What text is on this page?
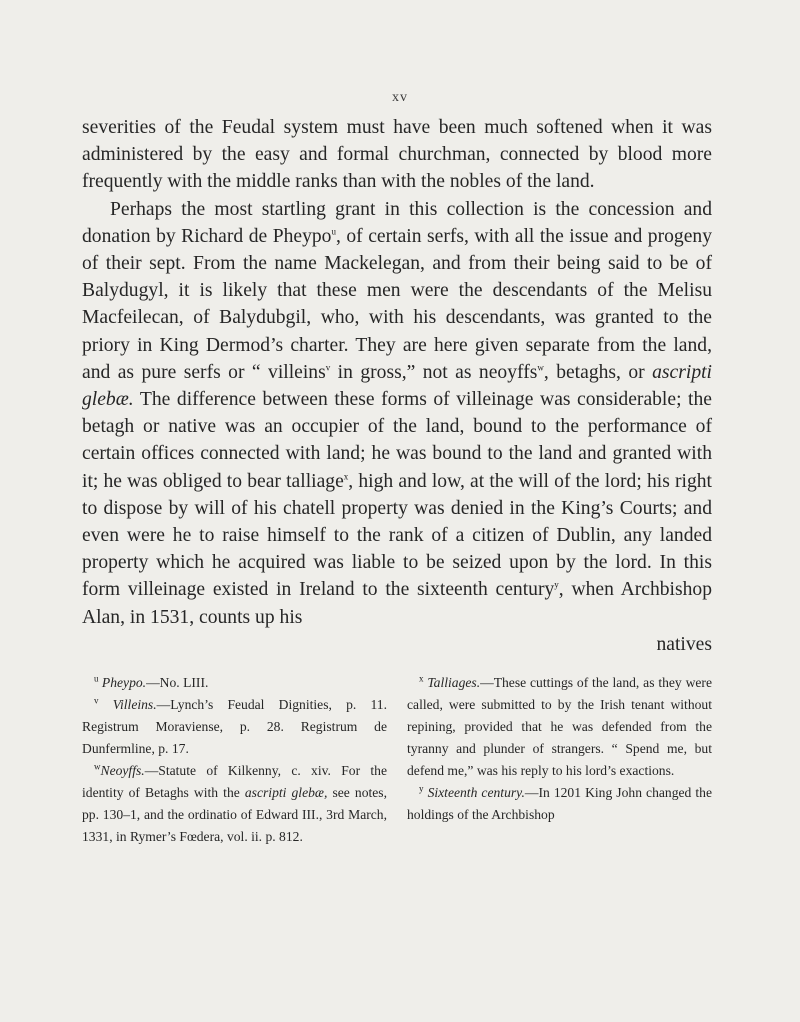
xv

severities of the Feudal system must have been much softened when it was administered by the easy and formal churchman, connected by blood more frequently with the middle ranks than with the nobles of the land.

Perhaps the most startling grant in this collection is the concession and donation by Richard de Pheypo$^u$, of certain serfs, with all the issue and progeny of their sept. From the name Mackelegan, and from their being said to be of Balydugyl, it is likely that these men were the descendants of the Melisu Macfeilecan, of Balydubgil, who, with his descendants, was granted to the priory in King Dermod’s charter. They are here given separate from the land, and as pure serfs or “ villeins$^v$ in gross,” not as neoyffs$^w$, betaghs, or ascripti glebæ. The difference between these forms of villeinage was considerable; the betagh or native was an occupier of the land, bound to the performance of certain offices connected with land; he was bound to the land and granted with it; he was obliged to bear talliage$^x$, high and low, at the will of the lord; his right to dispose by will of his chatell property was denied in the King’s Courts; and even were he to raise himself to the rank of a citizen of Dublin, any landed property which he acquired was liable to be seized upon by the lord. In this form villeinage existed in Ireland to the sixteenth century$^y$, when Archbishop Alan, in 1531, counts up his

natives

$^u$ Pheypo.—No. LIII.

$^v$ Villeins.—Lynch’s Feudal Dignities, p. 11. Registrum Moraviense, p. 28. Registrum de Dunfermline, p. 17.

$^w$Neoyffs.—Statute of Kilkenny, c. xiv. For the identity of Betaghs with the ascripti glebæ, see notes, pp. 130–1, and the ordinatio of Edward III., 3rd March, 1331, in Rymer’s Fœdera, vol. ii. p. 812.

$^x$ Talliages.—These cuttings of the land, as they were called, were submitted to by the Irish tenant without repining, provided that he was defended from the tyranny and plunder of strangers. “ Spend me, but defend me,” was his reply to his lord’s exactions.

$^y$ Sixteenth century.—In 1201 King John changed the holdings of the Archbishop
